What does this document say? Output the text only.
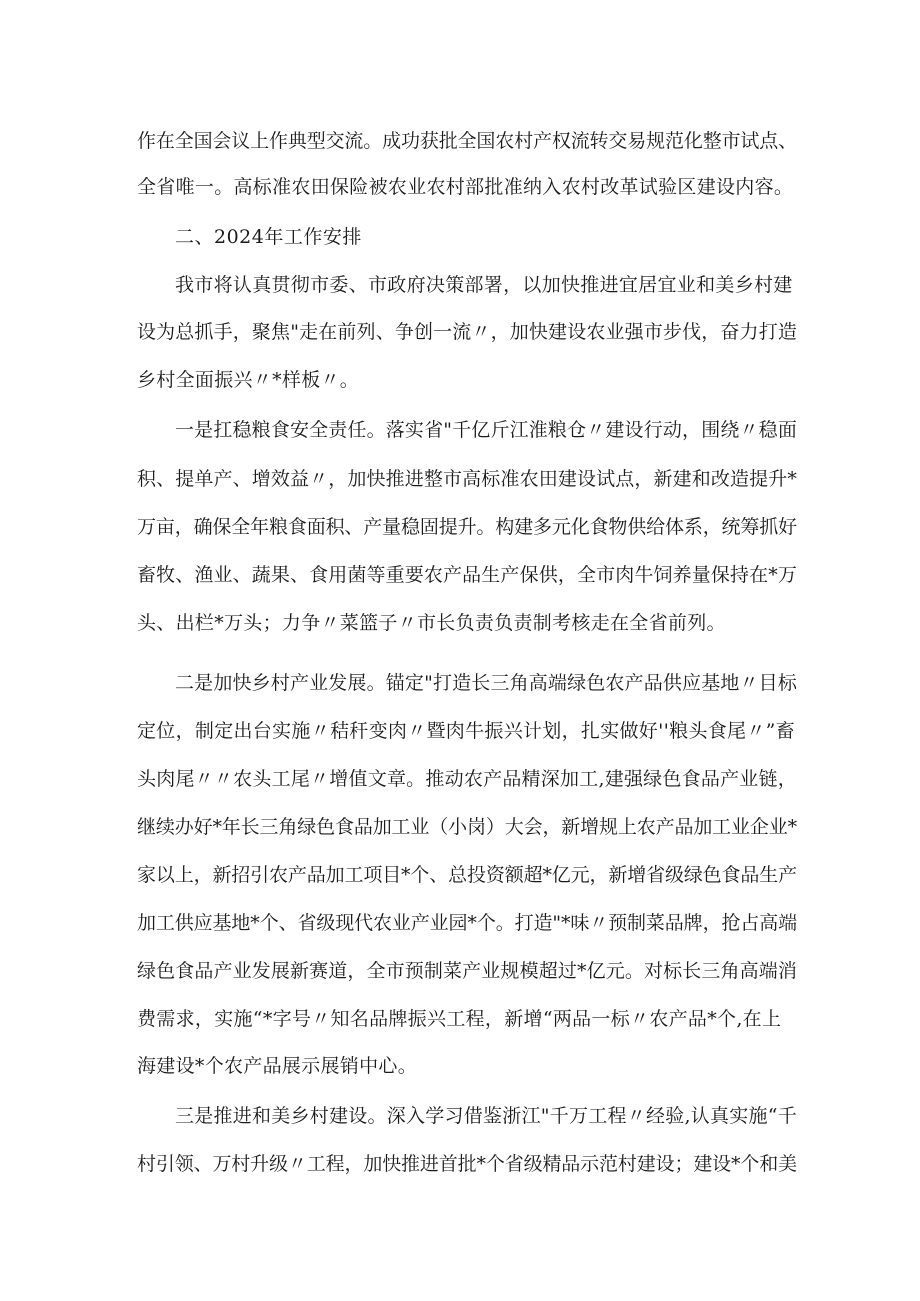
作在全国会议上作典型交流。成功获批全国农村产权流转交易规范化整市试点、
全省唯一。高标准农田保险被农业农村部批准纳入农村改革试验区建设内容。
二、2024年工作安排
我市将认真贯彻市委、市政府决策部署，以加快推进宜居宜业和美乡村建
设为总抓手，聚焦"走在前列、争创一流〃，加快建设农业强市步伐，奋力打造
乡村全面振兴〃*样板〃。
一是扛稳粮食安全责任。落实省"千亿斤江淮粮仓〃建设行动，围绕〃稳面
积、提单产、增效益〃，加快推进整市高标准农田建设试点，新建和改造提升*
万亩，确保全年粮食面积、产量稳固提升。构建多元化食物供给体系，统筹抓好
畜牧、渔业、蔬果、食用菌等重要农产品生产保供，全市肉牛饲养量保持在*万
头、出栏*万头；力争〃菜篮子〃市长负责负责制考核走在全省前列。
二是加快乡村产业发展。锚定"打造长三角高端绿色农产品供应基地〃目标
定位，制定出台实施〃秸秆变肉〃暨肉牛振兴计划，扎实做好''粮头食尾〃”畜
头肉尾〃〃农头工尾〃增值文章。推动农产品精深加工,建强绿色食品产业链，
继续办好*年长三角绿色食品加工业（小岗）大会，新增规上农产品加工业企业*
家以上，新招引农产品加工项目*个、总投资额超*亿元，新增省级绿色食品生产
加工供应基地*个、省级现代农业产业园*个。打造"*味〃预制菜品牌，抢占高端
绿色食品产业发展新赛道，全市预制菜产业规模超过*亿元。对标长三角高端消
费需求，实施“*字号〃知名品牌振兴工程，新增“两品一标〃农产品*个,在上
海建设*个农产品展示展销中心。
三是推进和美乡村建设。深入学习借鉴浙江"千万工程〃经验,认真实施“千
村引领、万村升级〃工程，加快推进首批*个省级精品示范村建设；建设*个和美
